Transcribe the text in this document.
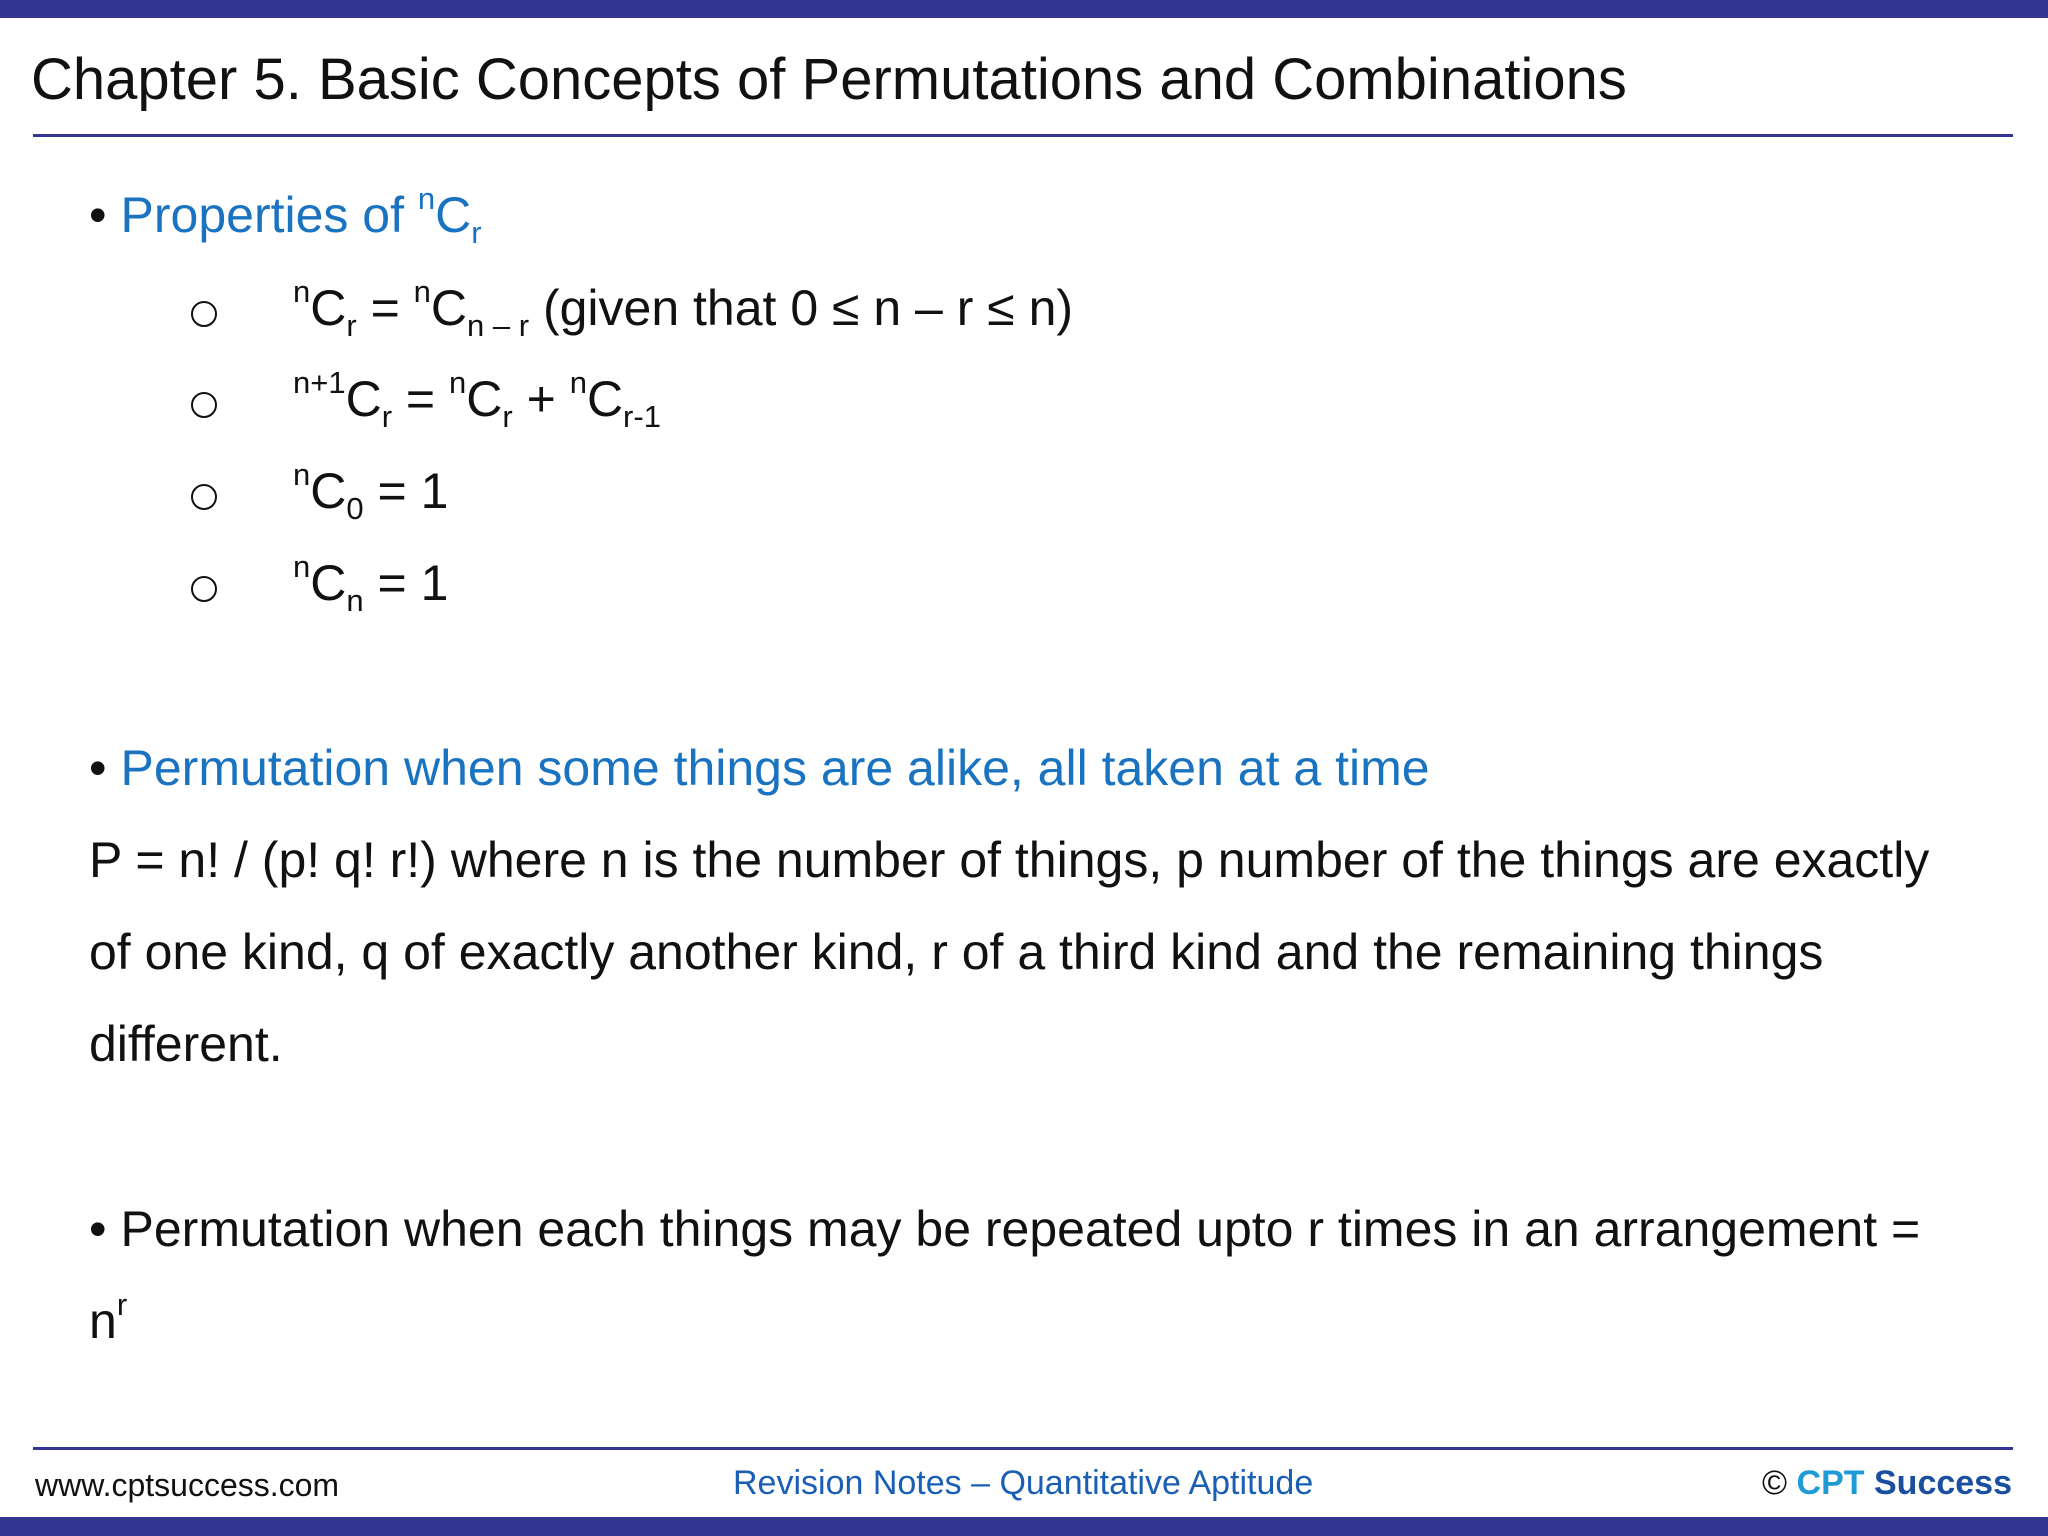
Chapter 5. Basic Concepts of Permutations and Combinations
• Properties of $^nC_r$
$^nC_r = ^nC_{n - r}$ (given that 0 ≤ n – r ≤ n)
$^{n+1}C_r = ^nC_r + ^nC_{r-1}$
$^nC_0 = 1$
$^nC_n = 1$
• Permutation when some things are alike, all taken at a time
P = n! / (p! q! r!) where n is the number of things, p number of the things are exactly
of one kind, q of exactly another kind, r of a third kind and the remaining things
different.
• Permutation when each things may be repeated upto r times in an arrangement =
$n^r$
www.cptsuccess.com	Revision Notes – Quantitative Aptitude	© CPT Success
